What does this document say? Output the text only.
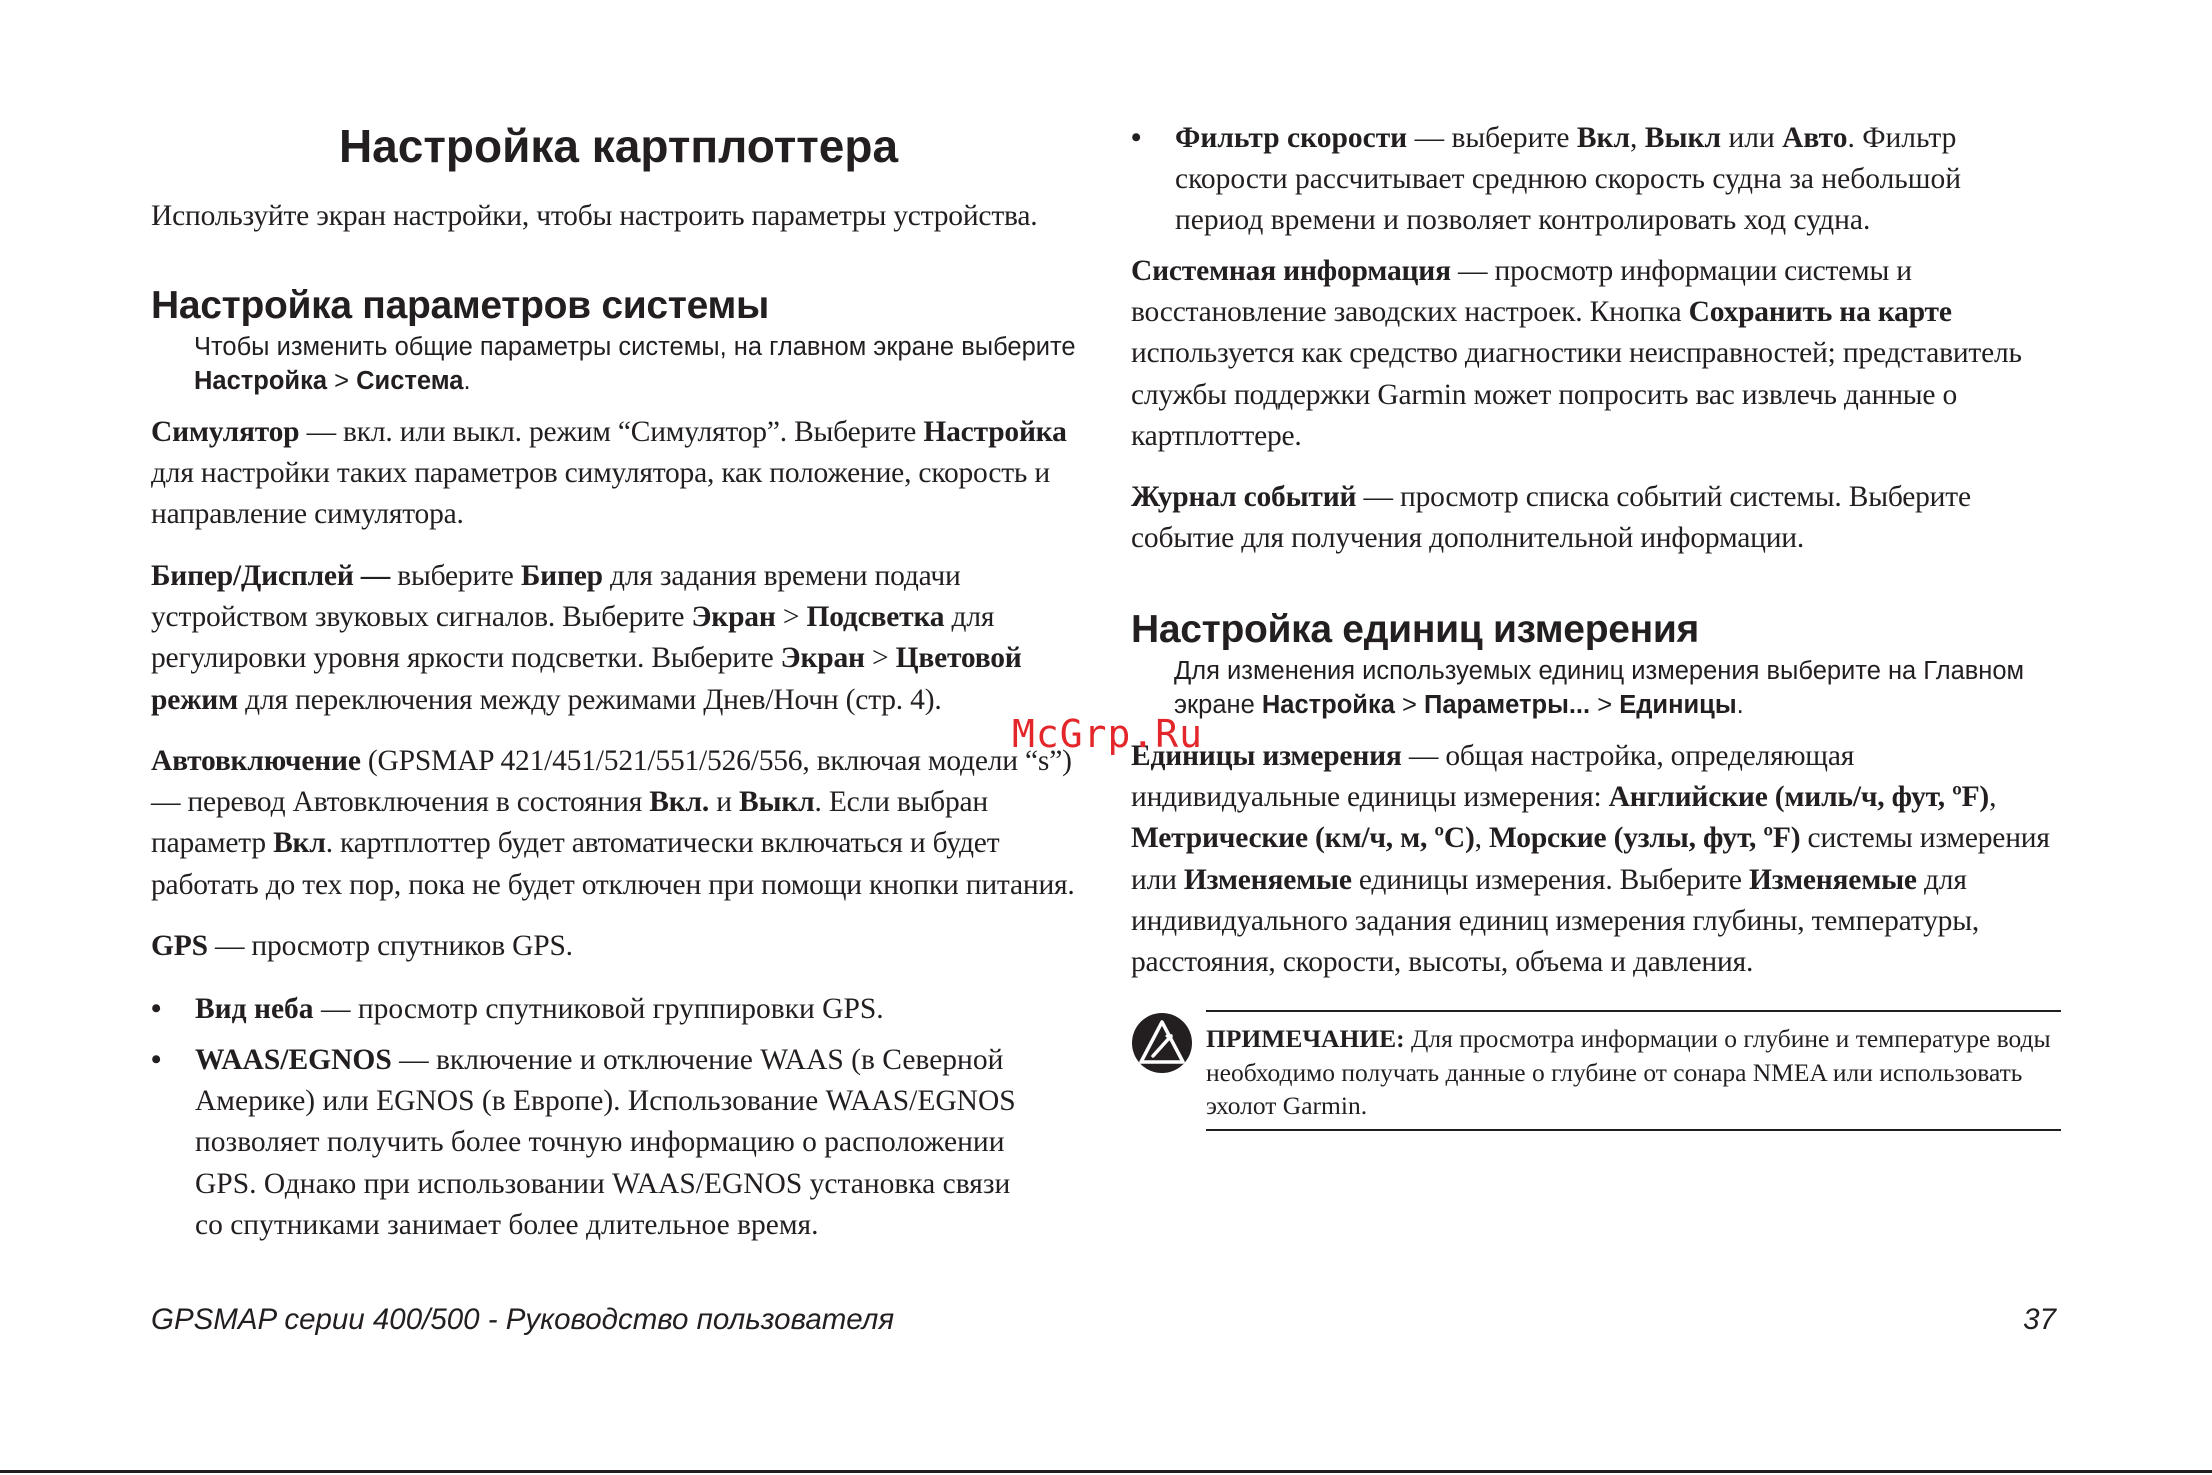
Настройка картплоттера

Используйте экран настройки, чтобы настроить параметры устройства.

Настройка параметров системы

Чтобы изменить общие параметры системы, на главном экране выберите Настройка > Система.

Симулятор — вкл. или выкл. режим “Симулятор”. Выберите Настройка для настройки таких параметров симулятора, как положение, скорость и направление симулятора.

Бипер/Дисплей — выберите Бипер для задания времени подачи устройством звуковых сигналов. Выберите Экран > Подсветка для регулировки уровня яркости подсветки. Выберите Экран > Цветовой режим для переключения между режимами Днев/Ночн (стр. 4).

Автовключение (GPSMAP 421/451/521/551/526/556, включая модели “s”) — перевод Автовключения в состояния Вкл. и Выкл. Если выбран параметр Вкл. картплоттер будет автоматически включаться и будет работать до тех пор, пока не будет отключен при помощи кнопки питания.

GPS — просмотр спутников GPS.

• Вид неба — просмотр спутниковой группировки GPS.
• WAAS/EGNOS — включение и отключение WAAS (в Северной Америке) или EGNOS (в Европе). Использование WAAS/EGNOS позволяет получить более точную информацию о расположении GPS. Однако при использовании WAAS/EGNOS установка связи со спутниками занимает более длительное время.
• Фильтр скорости — выберите Вкл, Выкл или Авто. Фильтр скорости рассчитывает среднюю скорость судна за небольшой период времени и позволяет контролировать ход судна.

Системная информация — просмотр информации системы и восстановление заводских настроек. Кнопка Сохранить на карте используется как средство диагностики неисправностей; представитель службы поддержки Garmin может попросить вас извлечь данные о картплоттере.

Журнал событий — просмотр списка событий системы. Выберите событие для получения дополнительной информации.

Настройка единиц измерения

Для изменения используемых единиц измерения выберите на Главном экране Настройка > Параметры... > Единицы.

Единицы измерения — общая настройка, определяющая индивидуальные единицы измерения: Английские (миль/ч, фут, ºF), Метрические (км/ч, м, ºC), Морские (узлы, фут, ºF) системы измерения или Изменяемые единицы измерения. Выберите Изменяемые для индивидуального задания единиц измерения глубины, температуры, расстояния, скорости, высоты, объема и давления.

ПРИМЕЧАНИЕ: Для просмотра информации о глубине и температуре воды необходимо получать данные о глубине от сонара NMEA или использовать эхолот Garmin.

McGrp.Ru
GPSMAP серии 400/500 - Руководство пользователя	37
